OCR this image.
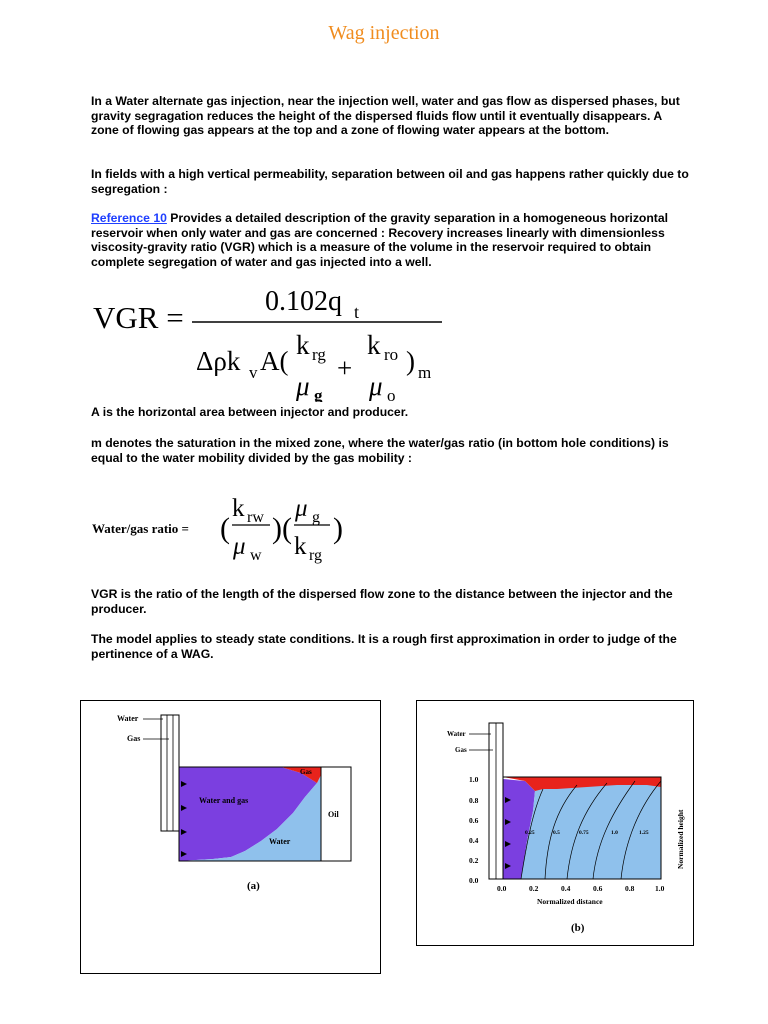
Wag injection
In a Water alternate gas injection, near the injection well, water and gas flow as dispersed phases, but gravity segragation reduces the height of the dispersed fluids flow until it eventually disappears. A zone of flowing gas appears at the top and a zone of flowing water appears at the bottom.
In fields with a high vertical permeability, separation between oil and gas happens rather quickly due to segregation :
Reference 10 Provides a detailed description of the gravity separation in a homogeneous horizontal reservoir when only water and gas are concerned : Recovery increases linearly with dimensionless viscosity-gravity ratio (VGR) which is a measure of the volume in the reservoir required to obtain complete segregation of water and gas injected into a well.
VGR =	0.102q t
Δρk v A(
k rg
μ g
+
k ro
μ o
) m
A is the horizontal area between injector and producer.
m denotes the saturation in the mixed zone, where the water/gas ratio (in bottom hole conditions) is equal to the water mobility divided by the gas mobility :
Water/gas ratio = (
k rw
μ w
) (
μ g
k rg
)
VGR is the ratio of the length of the dispersed flow zone to the distance between the injector and the producer.
The model applies to steady state conditions. It is a rough first approximation in order to judge of the pertinence of a WAG.
Water
Gas
Gas
Water and gas
Water
Oil
(a)
Water
Gas
1.0
0.8
0.6
0.4
0.2
0.0
0.0	0.2	0.4	0.6	0.8	1.0
Normalized distance
Normalized height
0.25	0.5	0.75	1.0	1.25
(b)
